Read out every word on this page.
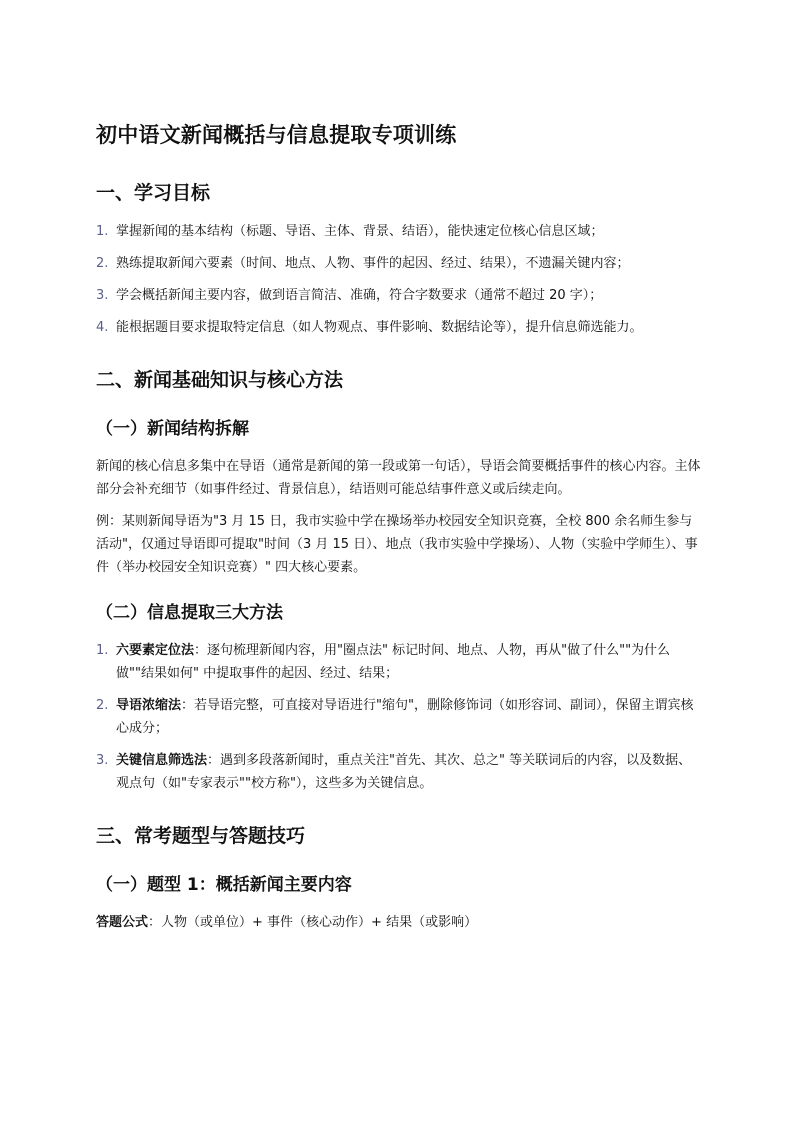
初中语文新闻概括与信息提取专项训练
一、学习目标
1. 掌握新闻的基本结构（标题、导语、主体、背景、结语），能快速定位核心信息区域；
2. 熟练提取新闻六要素（时间、地点、人物、事件的起因、经过、结果），不遗漏关键内容；
3. 学会概括新闻主要内容，做到语言简洁、准确，符合字数要求（通常不超过 20 字）；
4. 能根据题目要求提取特定信息（如人物观点、事件影响、数据结论等），提升信息筛选能力。
二、新闻基础知识与核心方法
（一）新闻结构拆解

新闻的核心信息多集中在导语（通常是新闻的第一段或第一句话），导语会简要概括事件的核心内容。主体部分会补充细节（如事件经过、背景信息），结语则可能总结事件意义或后续走向。

例：某则新闻导语为"3 月 15 日，我市实验中学在操场举办校园安全知识竞赛，全校 800 余名师生参与活动"，仅通过导语即可提取"时间（3 月 15 日）、地点（我市实验中学操场）、人物（实验中学师生）、事件（举办校园安全知识竞赛）" 四大核心要素。

（二）信息提取三大方法
1. 六要素定位法：逐句梳理新闻内容，用"圈点法" 标记时间、地点、人物，再从"做了什么""为什么做""结果如何" 中提取事件的起因、经过、结果；
2. 导语浓缩法：若导语完整，可直接对导语进行"缩句"，删除修饰词（如形容词、副词），保留主谓宾核心成分；
3. 关键信息筛选法：遇到多段落新闻时，重点关注"首先、其次、总之" 等关联词后的内容，以及数据、观点句（如"专家表示""校方称"），这些多为关键信息。
三、常考题型与答题技巧
（一）题型 1：概括新闻主要内容

答题公式：人物（或单位）+ 事件（核心动作）+ 结果（或影响）
